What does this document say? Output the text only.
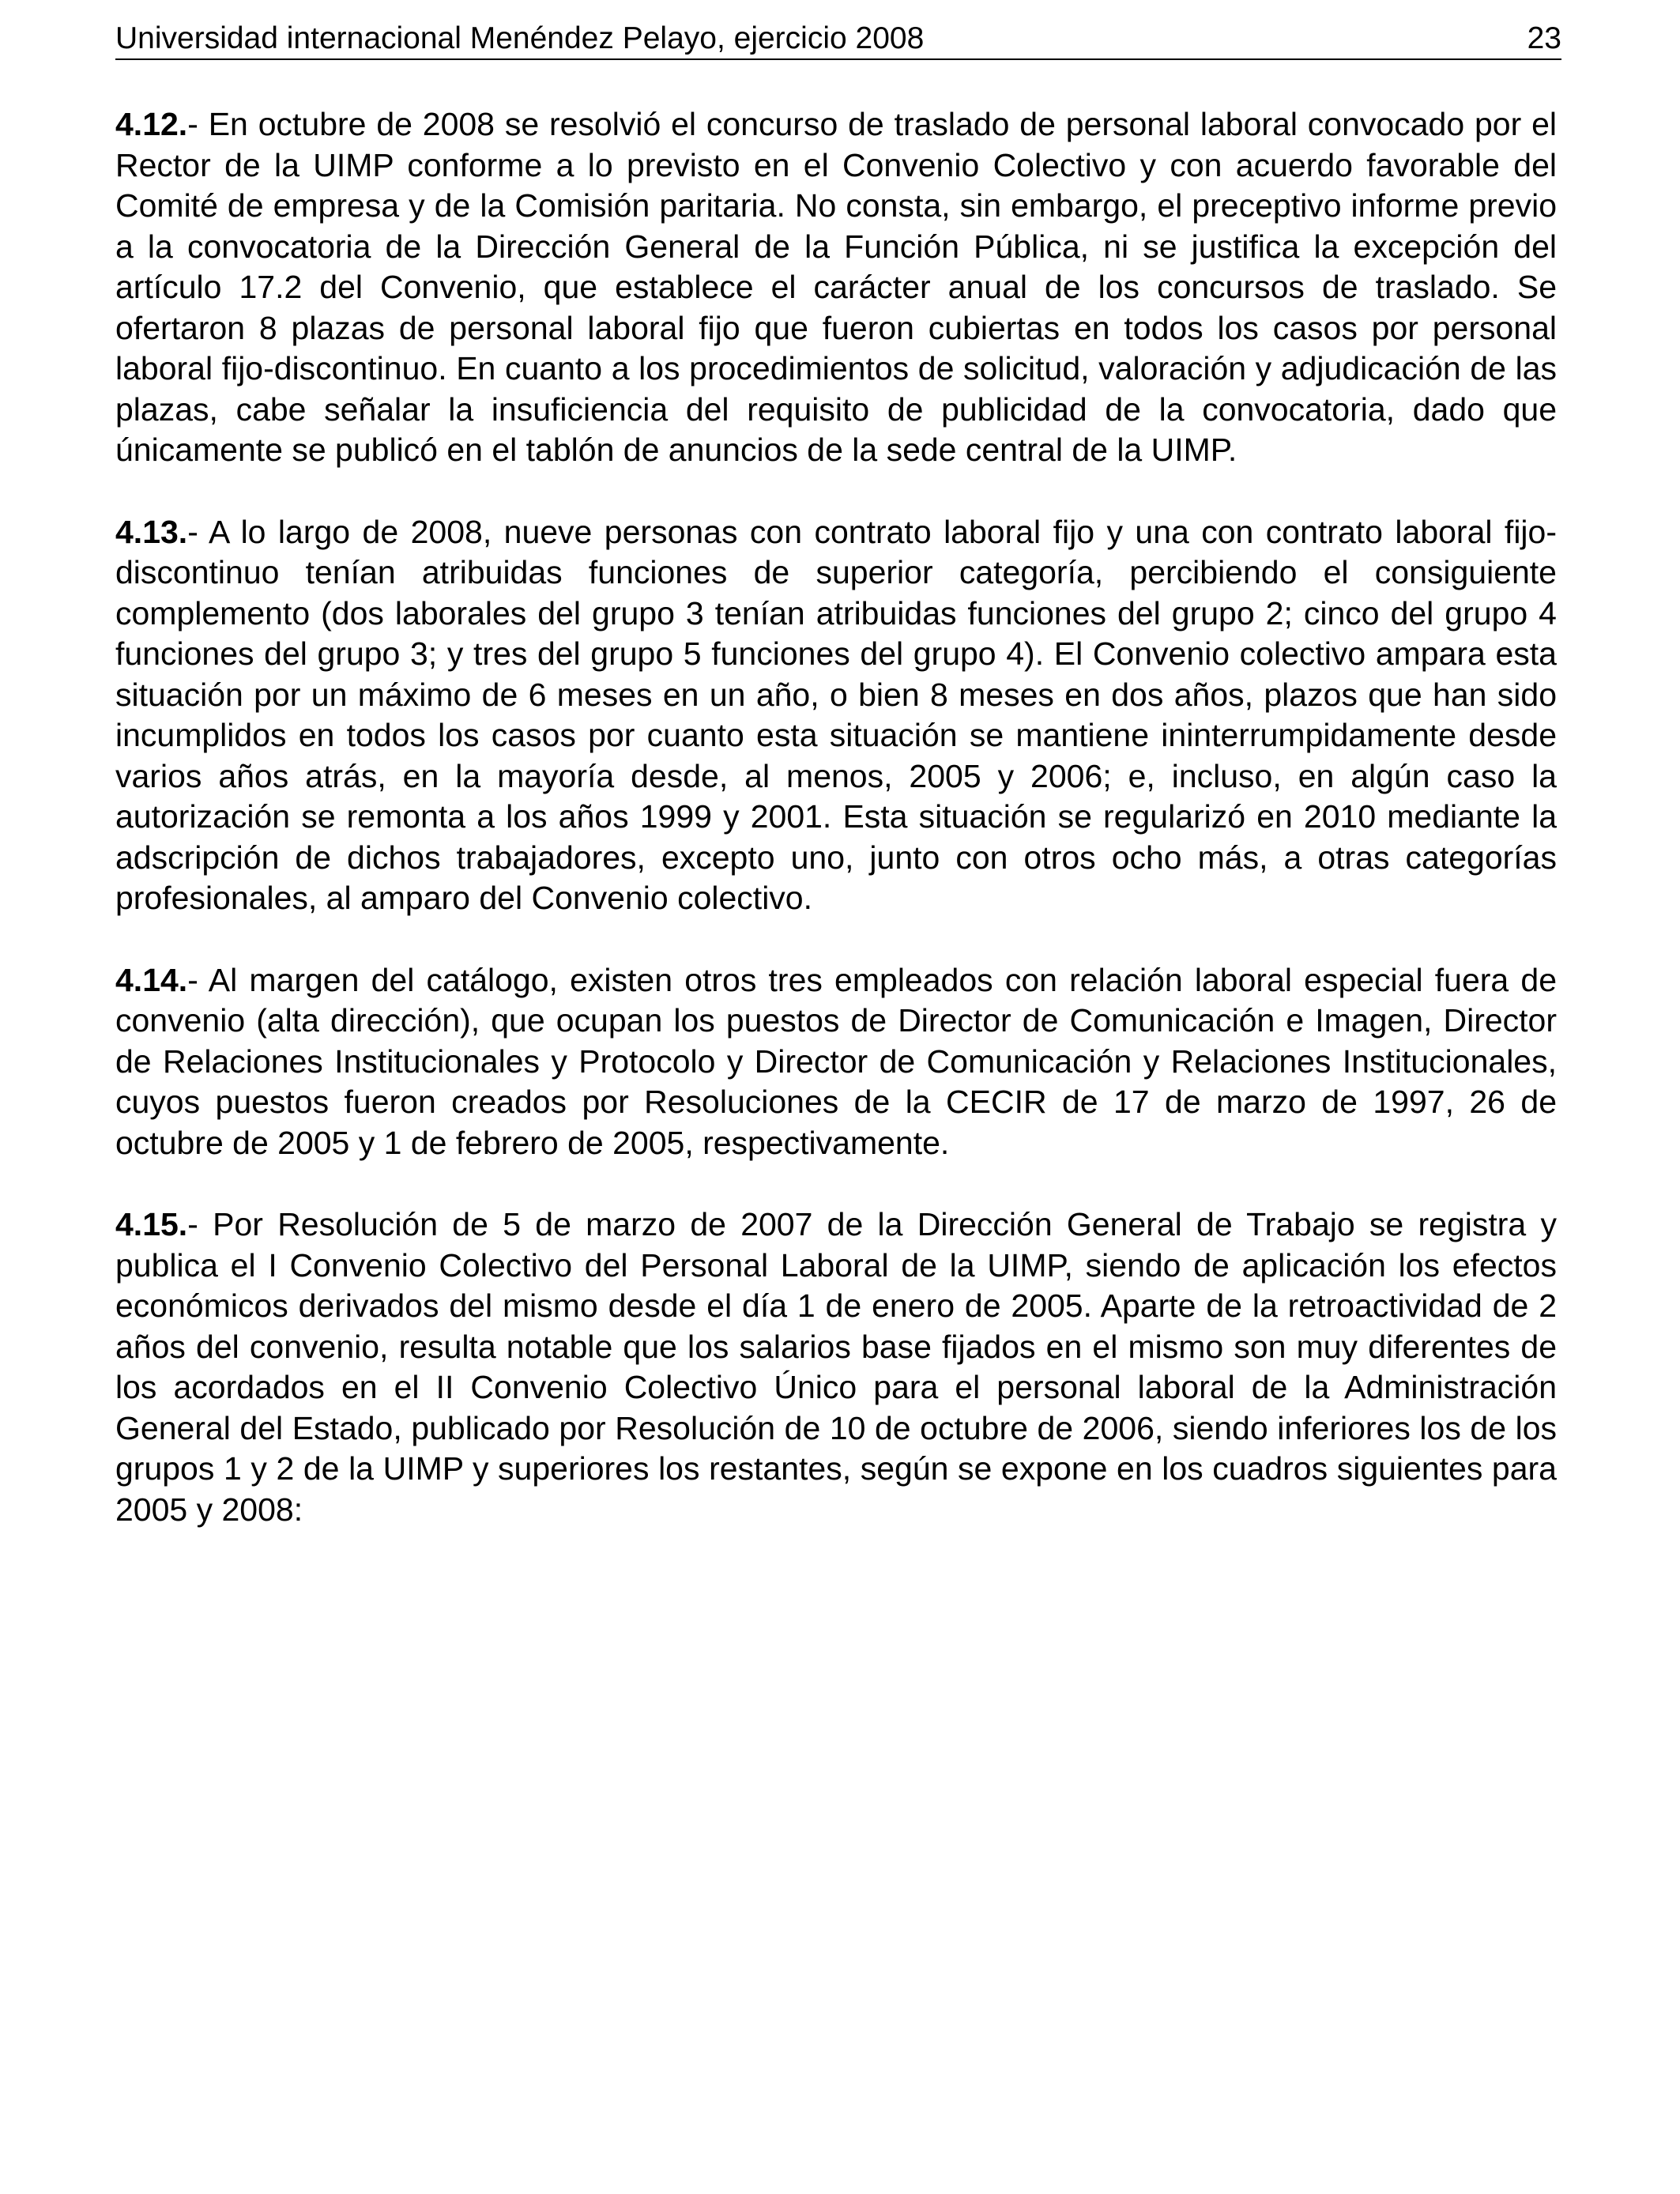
Universidad internacional Menéndez Pelayo, ejercicio 2008	23

4.12.- En octubre de 2008 se resolvió el concurso de traslado de personal laboral convocado por el Rector de la UIMP conforme a lo previsto en el Convenio Colectivo y con acuerdo favorable del Comité de empresa y de la Comisión paritaria. No consta, sin embargo, el preceptivo informe previo a la convocatoria de la Dirección General de la Función Pública, ni se justifica la excepción del artículo 17.2 del Convenio, que establece el carácter anual de los concursos de traslado. Se ofertaron 8 plazas de personal laboral fijo que fueron cubiertas en todos los casos por personal laboral fijo-discontinuo. En cuanto a los procedimientos de solicitud, valoración y adjudicación de las plazas, cabe señalar la insuficiencia del requisito de publicidad de la convocatoria, dado que únicamente se publicó en el tablón de anuncios de la sede central de la UIMP.

4.13.- A lo largo de 2008, nueve personas con contrato laboral fijo y una con contrato laboral fijo-discontinuo tenían atribuidas funciones de superior categoría, percibiendo el consiguiente complemento (dos laborales del grupo 3 tenían atribuidas funciones del grupo 2; cinco del grupo 4 funciones del grupo 3; y tres del grupo 5 funciones del grupo 4). El Convenio colectivo ampara esta situación por un máximo de 6 meses en un año, o bien 8 meses en dos años, plazos que han sido incumplidos en todos los casos por cuanto esta situación se mantiene ininterrumpidamente desde varios años atrás, en la mayoría desde, al menos, 2005 y 2006; e, incluso, en algún caso la autorización se remonta a los años 1999 y 2001. Esta situación se regularizó en 2010 mediante la adscripción de dichos trabajadores, excepto uno, junto con otros ocho más, a otras categorías profesionales, al amparo del Convenio colectivo.

4.14.- Al margen del catálogo, existen otros tres empleados con relación laboral especial fuera de convenio (alta dirección), que ocupan los puestos de Director de Comunicación e Imagen, Director de Relaciones Institucionales y Protocolo y Director de Comunicación y Relaciones Institucionales, cuyos puestos fueron creados por Resoluciones de la CECIR de 17 de marzo de 1997, 26 de octubre de 2005 y 1 de febrero de 2005, respectivamente.

4.15.- Por Resolución de 5 de marzo de 2007 de la Dirección General de Trabajo se registra y publica el I Convenio Colectivo del Personal Laboral de la UIMP, siendo de aplicación los efectos económicos derivados del mismo desde el día 1 de enero de 2005. Aparte de la retroactividad de 2 años del convenio, resulta notable que los salarios base fijados en el mismo son muy diferentes de los acordados en el II Convenio Colectivo Único para el personal laboral de la Administración General del Estado, publicado por Resolución de 10 de octubre de 2006, siendo inferiores los de los grupos 1 y 2 de la UIMP y superiores los restantes, según se expone en los cuadros siguientes para 2005 y 2008:
